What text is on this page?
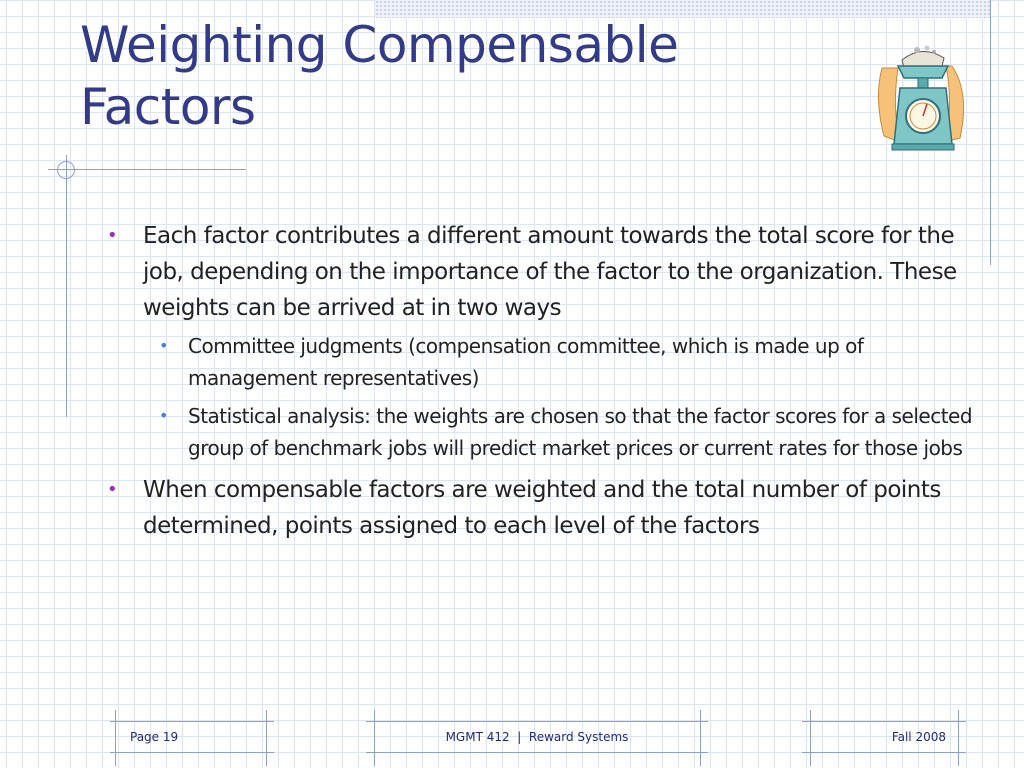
Weighting Compensable
Factors
• Each factor contributes a different amount towards the total score for the job, depending on the importance of the factor to the organization. These weights can be arrived at in two ways
• Committee judgments (compensation committee, which is made up of management representatives)
• Statistical analysis: the weights are chosen so that the factor scores for a selected group of benchmark jobs will predict market prices or current rates for those jobs
• When compensable factors are weighted and the total number of points determined, points assigned to each level of the factors
Page 19	MGMT 412  |  Reward Systems	Fall 2008
